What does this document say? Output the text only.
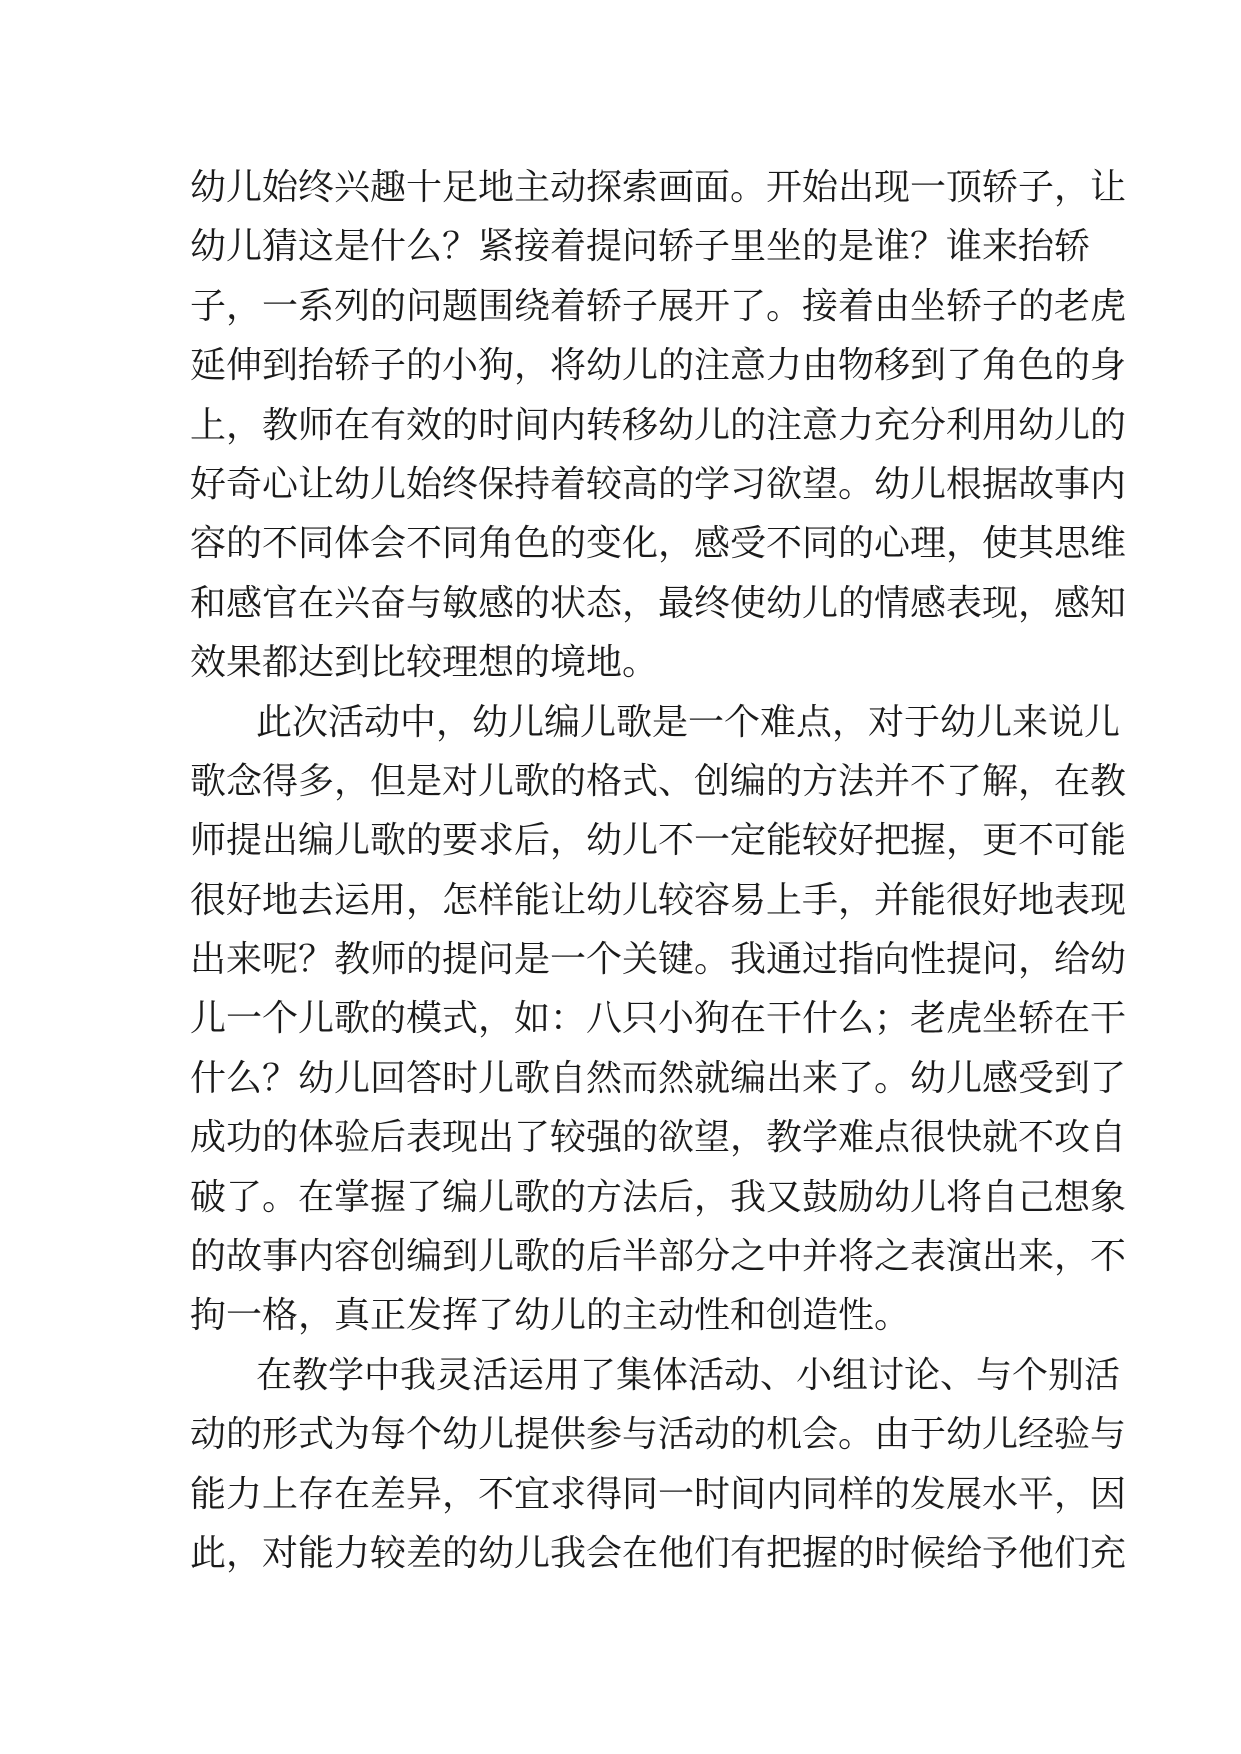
幼儿始终兴趣十足地主动探索画面。开始出现一顶轿子，让
幼儿猜这是什么？紧接着提问轿子里坐的是谁？谁来抬轿
子，一系列的问题围绕着轿子展开了。接着由坐轿子的老虎
延伸到抬轿子的小狗，将幼儿的注意力由物移到了角色的身
上，教师在有效的时间内转移幼儿的注意力充分利用幼儿的
好奇心让幼儿始终保持着较高的学习欲望。幼儿根据故事内
容的不同体会不同角色的变化，感受不同的心理，使其思维
和感官在兴奋与敏感的状态，最终使幼儿的情感表现，感知
效果都达到比较理想的境地。
此次活动中，幼儿编儿歌是一个难点，对于幼儿来说儿
歌念得多，但是对儿歌的格式、创编的方法并不了解，在教
师提出编儿歌的要求后，幼儿不一定能较好把握，更不可能
很好地去运用，怎样能让幼儿较容易上手，并能很好地表现
出来呢？教师的提问是一个关键。我通过指向性提问，给幼
儿一个儿歌的模式，如：八只小狗在干什么；老虎坐轿在干
什么？幼儿回答时儿歌自然而然就编出来了。幼儿感受到了
成功的体验后表现出了较强的欲望，教学难点很快就不攻自
破了。在掌握了编儿歌的方法后，我又鼓励幼儿将自己想象
的故事内容创编到儿歌的后半部分之中并将之表演出来，不
拘一格，真正发挥了幼儿的主动性和创造性。
在教学中我灵活运用了集体活动、小组讨论、与个别活
动的形式为每个幼儿提供参与活动的机会。由于幼儿经验与
能力上存在差异，不宜求得同一时间内同样的发展水平，因
此，对能力较差的幼儿我会在他们有把握的时候给予他们充
